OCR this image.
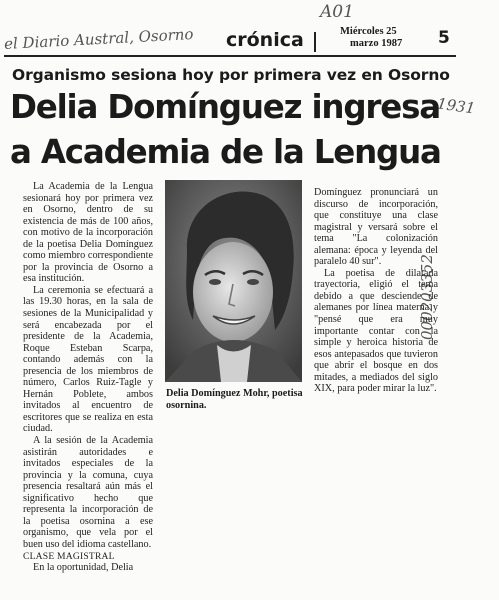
el Diario Austral, Osorno
A01
1931
000203352
crónica	Miércoles 25
marzo 1987 5
Organismo sesiona hoy por primera vez en Osorno
Delia Domínguez ingresa
a Academia de la Lengua

La Academia de la Lengua sesionará hoy por primera vez en Osorno, dentro de su existencia de más de 100 años, con motivo de la incorporación de la poetisa Delia Domínguez como miembro correspondiente por la provincia de Osorno a esa institución.

La ceremonia se efectuará a las 19.30 horas, en la sala de sesiones de la Municipalidad y será encabezada por el presidente de la Academia, Roque Esteban Scarpa, contando además con la presencia de los miembros de número, Carlos Ruiz-Tagle y Hernán Poblete, ambos invitados al encuentro de escritores que se realiza en esta ciudad.

A la sesión de la Academia asistirán autoridades e invitados especiales de la provincia y la comuna, cuya presencia resaltará aún más el significativo hecho que representa la incorporación de la poetisa osornina a ese organismo, que vela por el buen uso del idioma castellano.

CLASE MAGISTRAL

En la oportunidad, Delia

Delia Domínguez Mohr, poetisa osornina.

Domínguez pronunciará un discurso de incorporación, que constituye una clase magistral y versará sobre el tema "La colonización alemana: época y leyenda del paralelo 40 sur".

La poetisa de dilatada trayectoria, eligió el tema debido a que desciende de alemanes por línea materna y "pensé que era muy importante contar con la simple y heroica historia de esos antepasados que tuvieron que abrir el bosque en dos mitades, a mediados del siglo XIX, para poder mirar la luz".
